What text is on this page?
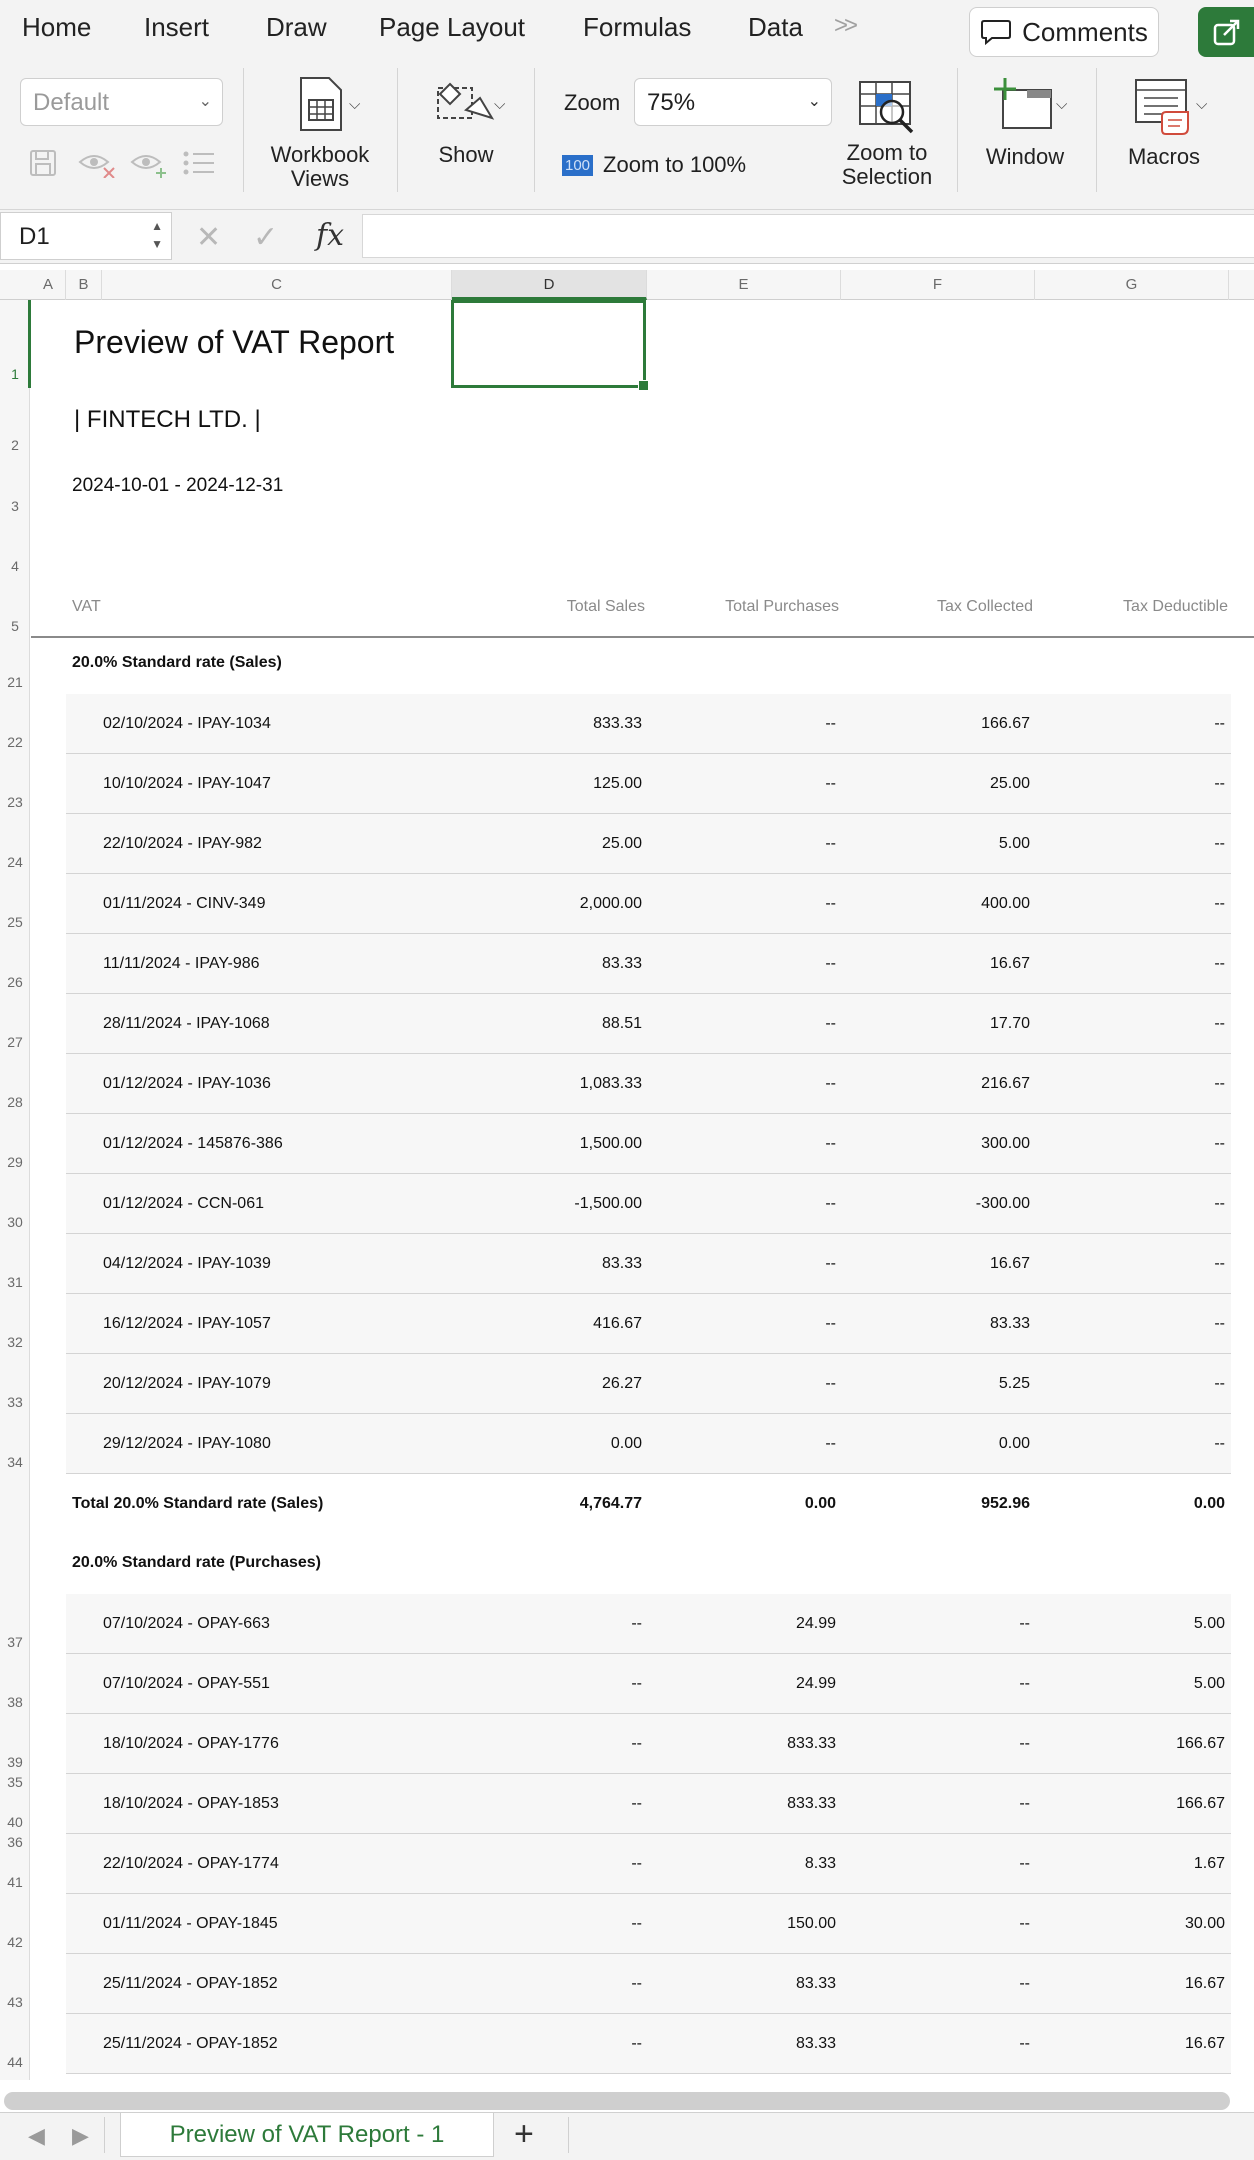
Home Insert Draw Page Layout Formulas Data >>	Comments
Default	⌄
Workbook Views
⌵
Show
⌵	Zoom	75%	⌄
100 Zoom to 100%	Zoom to Selection
Window
⌵
Macros
⌵
D1	▲
▼ ✕ ✓ fx
A	B	C	D	E	F	G
1
2
3
4
5
21
22
23
24
25
26
27
28
29
30
31
32
33
34
35
36
37
38
39
40
41
42
43
44
Preview of VAT Report
| FINTECH LTD. |
2024-10-01 - 2024-12-31
VAT	Total Sales	Total Purchases	Tax Collected	Tax Deductible
20.0% Standard rate (Sales)
02/10/2024 - IPAY-1034	833.33	--	166.67	--
10/10/2024 - IPAY-1047	125.00	--	25.00	--
22/10/2024 - IPAY-982	25.00	--	5.00	--
01/11/2024 - CINV-349	2,000.00	--	400.00	--
11/11/2024 - IPAY-986	83.33	--	16.67	--
28/11/2024 - IPAY-1068	88.51	--	17.70	--
01/12/2024 - IPAY-1036	1,083.33	--	216.67	--
01/12/2024 - 145876-386	1,500.00	--	300.00	--
01/12/2024 - CCN-061	-1,500.00	--	-300.00	--
04/12/2024 - IPAY-1039	83.33	--	16.67	--
16/12/2024 - IPAY-1057	416.67	--	83.33	--
20/12/2024 - IPAY-1079	26.27	--	5.25	--
29/12/2024 - IPAY-1080	0.00	--	0.00	--
Total 20.0% Standard rate (Sales)	4,764.77	0.00	952.96	0.00
20.0% Standard rate (Purchases)
07/10/2024 - OPAY-663	--	24.99	--	5.00
07/10/2024 - OPAY-551	--	24.99	--	5.00
18/10/2024 - OPAY-1776	--	833.33	--	166.67
18/10/2024 - OPAY-1853	--	833.33	--	166.67
22/10/2024 - OPAY-1774	--	8.33	--	1.67
01/11/2024 - OPAY-1845	--	150.00	--	30.00
25/11/2024 - OPAY-1852	--	83.33	--	16.67
25/11/2024 - OPAY-1852	--	83.33	--	16.67
◀ ▶	Preview of VAT Report - 1	+
